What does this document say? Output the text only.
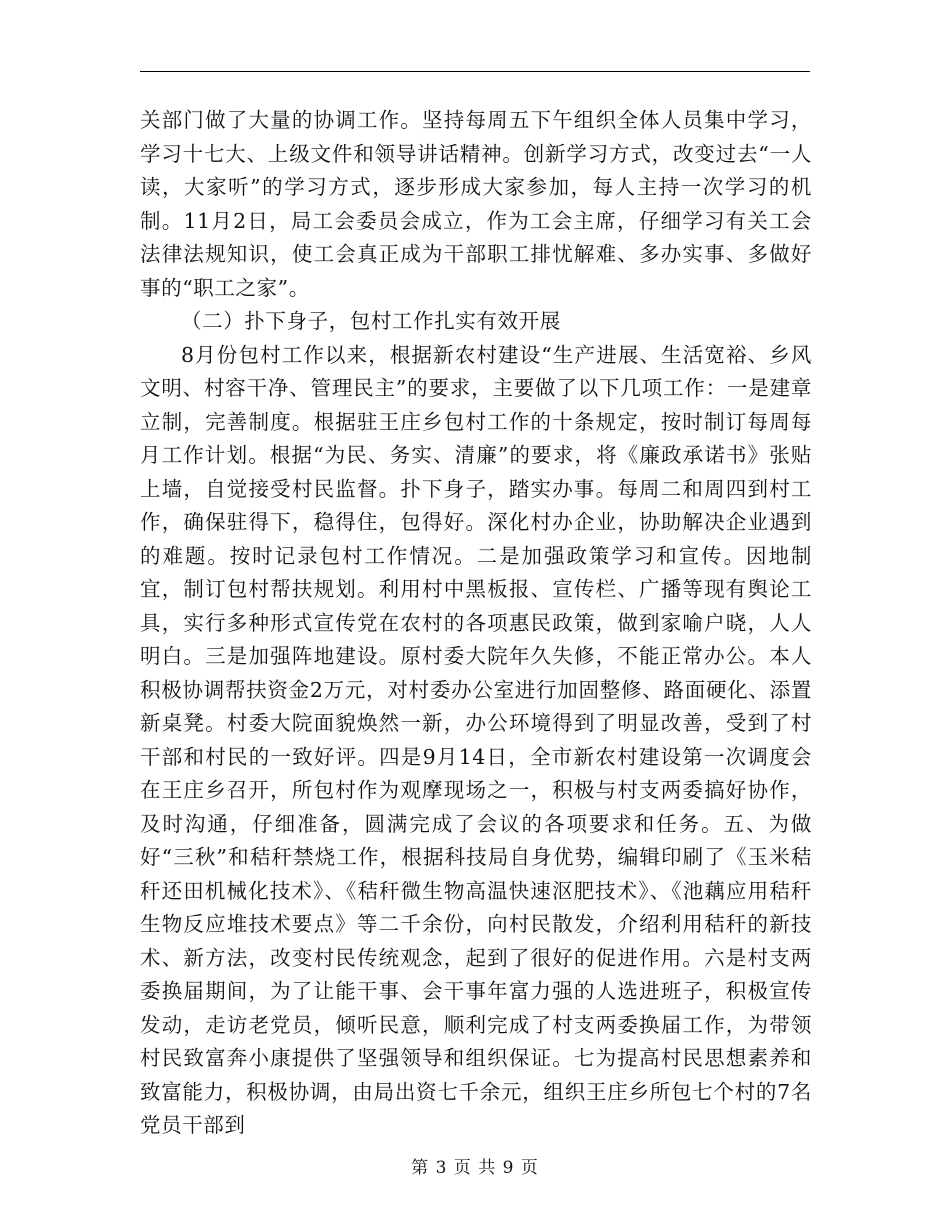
关部门做了大量的协调工作。坚持每周五下午组织全体人员集中学习，学习十七大、上级文件和领导讲话精神。创新学习方式，改变过去“一人读，大家听”的学习方式，逐步形成大家参加，每人主持一次学习的机制。11月2日，局工会委员会成立，作为工会主席，仔细学习有关工会法律法规知识，使工会真正成为干部职工排忧解难、多办实事、多做好事的“职工之家”。

（二）扑下身子，包村工作扎实有效开展

8月份包村工作以来，根据新农村建设“生产进展、生活宽裕、乡风文明、村容干净、管理民主”的要求，主要做了以下几项工作：一是建章立制，完善制度。根据驻王庄乡包村工作的十条规定，按时制订每周每月工作计划。根据“为民、务实、清廉”的要求，将《廉政承诺书》张贴上墙，自觉接受村民监督。扑下身子，踏实办事。每周二和周四到村工作，确保驻得下，稳得住，包得好。深化村办企业，协助解决企业遇到的难题。按时记录包村工作情况。二是加强政策学习和宣传。因地制宜，制订包村帮扶规划。利用村中黑板报、宣传栏、广播等现有舆论工具，实行多种形式宣传党在农村的各项惠民政策，做到家喻户晓，人人明白。三是加强阵地建设。原村委大院年久失修，不能正常办公。本人积极协调帮扶资金2万元，对村委办公室进行加固整修、路面硬化、添置新桌凳。村委大院面貌焕然一新，办公环境得到了明显改善，受到了村干部和村民的一致好评。四是9月14日，全市新农村建设第一次调度会在王庄乡召开，所包村作为观摩现场之一，积极与村支两委搞好协作，及时沟通，仔细准备，圆满完成了会议的各项要求和任务。五、为做好“三秋”和秸秆禁烧工作，根据科技局自身优势，编辑印刷了《玉米秸秆还田机械化技术》、《秸秆微生物高温快速沤肥技术》、《池藕应用秸秆生物反应堆技术要点》等二千余份，向村民散发，介绍利用秸秆的新技术、新方法，改变村民传统观念，起到了很好的促进作用。六是村支两委换届期间，为了让能干事、会干事年富力强的人选进班子，积极宣传发动，走访老党员，倾听民意，顺利完成了村支两委换届工作，为带领村民致富奔小康提供了坚强领导和组织保证。七为提高村民思想素养和致富能力，积极协调，由局出资七千余元，组织王庄乡所包七个村的7名党员干部到

第 3 页 共 9 页
